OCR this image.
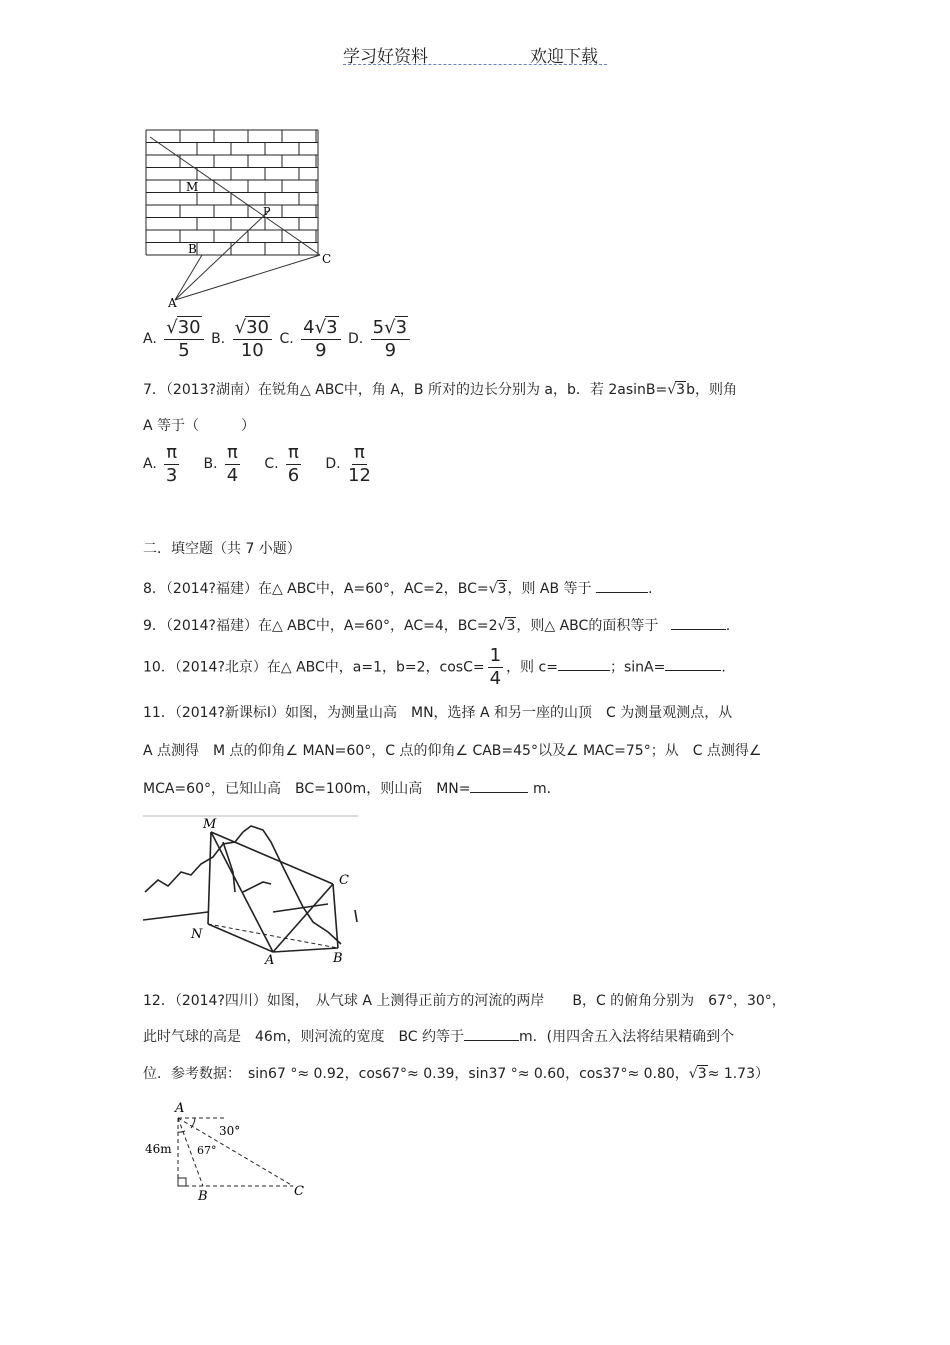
学习好资料	欢迎下载
M
P
B
C
A
A. $\frac{√30}{5} B$. $\frac{√30}{10} C$. $\frac{4√3}{9} D$. $\frac{5√3}{9}$
7．（2013?湖南）在锐角△ ABC中，角 A，B 所对的边长分别为 a，b．若 2asinB=√3b，则角
A 等于（　　　）
A. $\frac{\pi}{3} B$. $\frac{\pi}{4} C$. $\frac{\pi}{6} D$. $\frac{\pi}{12}$
二．填空题（共 7 小题）
8．（2014?福建）在△ ABC中，A=60°，AC=2，BC=√3，则 AB 等于	.
9．（2014?福建）在△ ABC中，A=60°，AC=4，BC=2√3，则△ ABC的面积等于	.
10．（2014?北京）在△ ABC中，a=1，b=2，$\cos C= \frac{1}{4}$ ，则 c=	；sinA=	.
11．（2014?新课标Ⅰ）如图，为测量山高　MN，选择 A 和另一座的山顶　C 为测量观测点，从
A 点测得　M 点的仰角∠ MAN=60°，C 点的仰角∠ CAB=45°以及∠ MAC=75°；从　C 点测得∠
MCA=60°，已知山高　BC=100m，则山高　MN=	m．
M
N
A	B
C
12．（2014?四川）如图，　从气球 A 上测得正前方的河流的两岸　　B，C 的俯角分别为　67°，30°，
此时气球的高是　46m，则河流的宽度　BC 约等于	m．(用四舍五入法将结果精确到个
位．参考数据：　sin67 °≈ 0.92，cos67°≈ 0.39，sin37 °≈ 0.60，cos37°≈ 0.80，√3≈ 1.73）
A
B	C
46m
30°
67°
